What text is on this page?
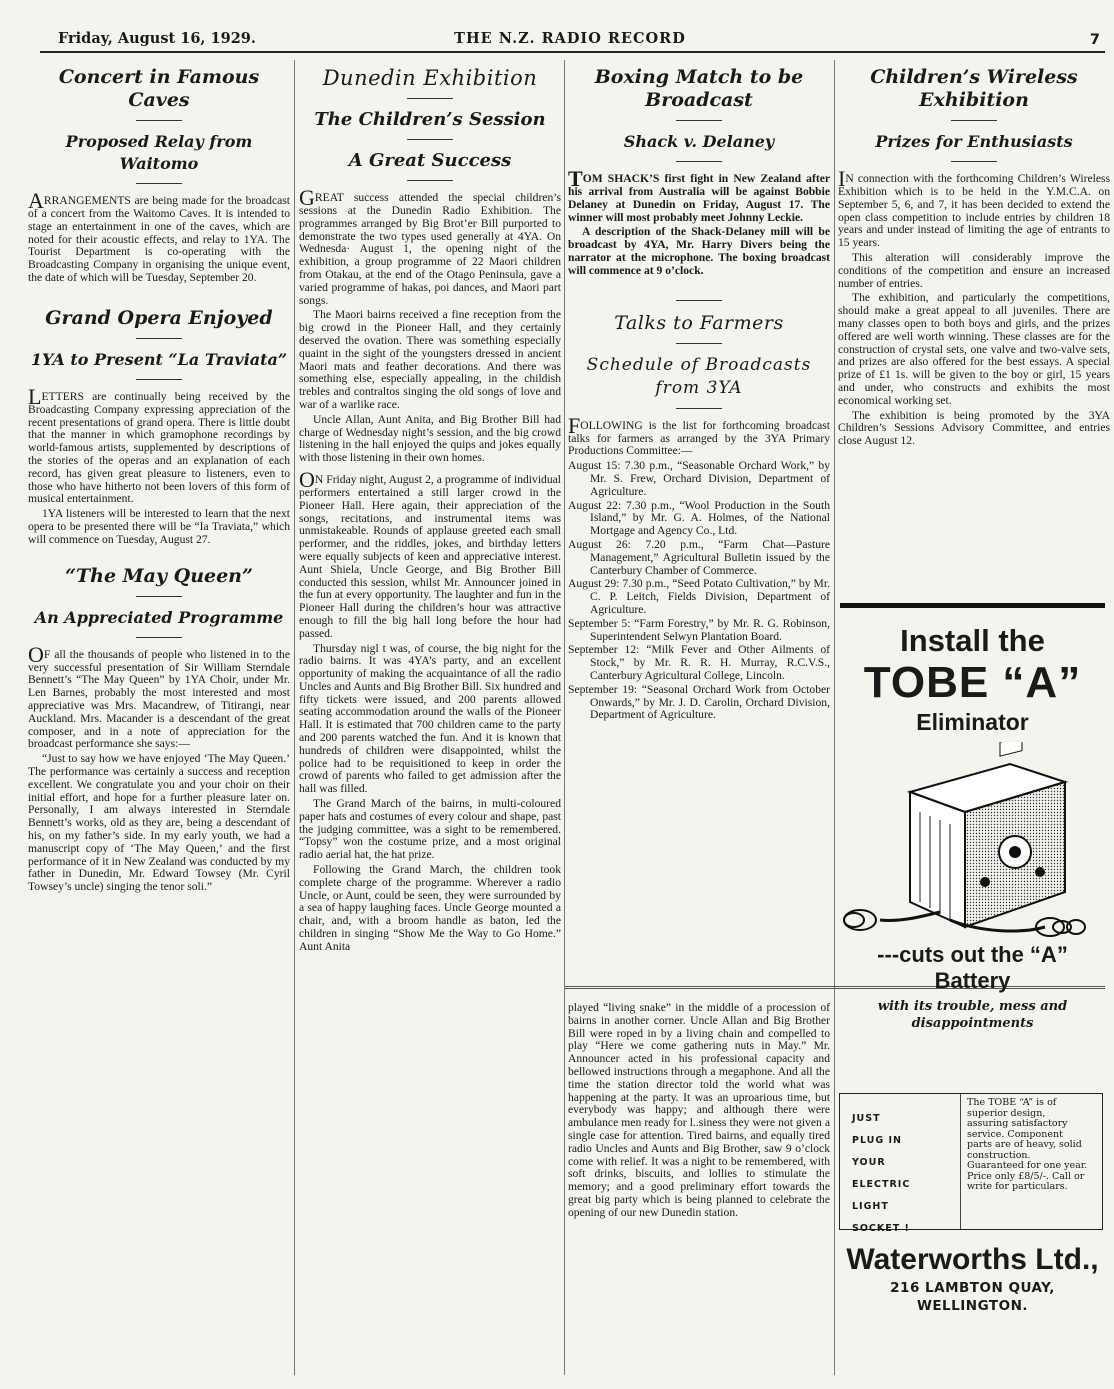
Friday, August 16, 1929.	THE N.Z. RADIO RECORD	7
Concert in Famous Caves
Proposed Relay from Waitomo

ARRANGEMENTS are being made for the broadcast of a concert from the Waitomo Caves. It is intended to stage an entertainment in one of the caves, which are noted for their acoustic effects, and relay to 1YA. The Tourist Department is co-operating with the Broadcasting Company in organising the unique event, the date of which will be Tuesday, September 20.

Grand Opera Enjoyed
1YA to Present “La Traviata”

LETTERS are continually being received by the Broadcasting Company expressing appreciation of the recent presentations of grand opera. There is little doubt that the manner in which gramophone recordings by world-famous artists, supplemented by descriptions of the stories of the operas and an explanation of each record, has given great pleasure to listeners, even to those who have hitherto not been lovers of this form of musical entertainment.

1YA listeners will be interested to learn that the next opera to be presented there will be “Ia Traviata,” which will commence on Tuesday, August 27.

“The May Queen”
An Appreciated Programme

OF all the thousands of people who listened in to the very successful presentation of Sir William Sterndale Bennett’s “The May Queen” by 1YA Choir, under Mr. Len Barnes, probably the most interested and most appreciative was Mrs. Macandrew, of Titirangi, near Auckland. Mrs. Macander is a descendant of the great composer, and in a note of appreciation for the broadcast performance she says:—

“Just to say how we have enjoyed ‘The May Queen.’ The performance was certainly a success and reception excellent. We congratulate you and your choir on their initial effort, and hope for a further pleasure later on. Personally, I am always interested in Sterndale Bennett’s works, old as they are, being a descendant of his, on my father’s side. In my early youth, we had a manuscript copy of ‘The May Queen,’ and the first performance of it in New Zealand was conducted by my father in Dunedin, Mr. Edward Towsey (Mr. Cyril Towsey’s uncle) singing the tenor soli.”

Dunedin Exhibition
The Children’s Session
A Great Success

GREAT success attended the special children’s sessions at the Dunedin Radio Exhibition. The programmes arranged by Big Brot’er Bill purported to demonstrate the two types used generally at 4YA. On Wednesda· August 1, the opening night of the exhibition, a group programme of 22 Maori children from Otakau, at the end of the Otago Peninsula, gave a varied programme of hakas, poi dances, and Maori part songs.

The Maori bairns received a fine reception from the big crowd in the Pioneer Hall, and they certainly deserved the ovation. There was something especially quaint in the sight of the youngsters dressed in ancient Maori mats and feather decorations. And there was something else, especially appealing, in the childish trebles and contraltos singing the old songs of love and war of a warlike race.

Uncle Allan, Aunt Anita, and Big Brother Bill had charge of Wednesday night’s session, and the big crowd listening in the hall enjoyed the quips and jokes equally with those listening in their own homes.

ON Friday night, August 2, a programme of individual performers entertained a still larger crowd in the Pioneer Hall. Here again, their appreciation of the songs, recitations, and instrumental items was unmistakeable. Rounds of applause greeted each small performer, and the riddles, jokes, and birthday letters were equally subjects of keen and appreciative interest. Aunt Shiela, Uncle George, and Big Brother Bill conducted this session, whilst Mr. Announcer joined in the fun at every opportunity. The laughter and fun in the Pioneer Hall during the children’s hour was attractive enough to fill the big hall long before the hour had passed.

Thursday nigl t was, of course, the big night for the radio bairns. It was 4YA’s party, and an excellent opportunity of making the acquaintance of all the radio Uncles and Aunts and Big Brother Bill. Six hundred and fifty tickets were issued, and 200 parents allowed seating accommodation around the walls of the Pioneer Hall. It is estimated that 700 children came to the party and 200 parents watched the fun. And it is known that hundreds of children were disappointed, whilst the police had to be requisitioned to keep in order the crowd of parents who failed to get admission after the hall was filled.

The Grand March of the bairns, in multi-coloured paper hats and costumes of every colour and shape, past the judging committee, was a sight to be remembered. “Topsy” won the costume prize, and a most original radio aerial hat, the hat prize.

Following the Grand March, the children took complete charge of the programme. Wherever a radio Uncle, or Aunt, could be seen, they were surrounded by a sea of happy laughing faces. Uncle George mounted a chair, and, with a broom handle as baton, led the children in singing “Show Me the Way to Go Home.” Aunt Anita

Boxing Match to be Broadcast
Shack v. Delaney

TOM SHACK’S first fight in New Zealand after his arrival from Australia will be against Bobbie Delaney at Dunedin on Friday, August 17. The winner will most probably meet Johnny Leckie.

A description of the Shack-Delaney mill will be broadcast by 4YA, Mr. Harry Divers being the narrator at the microphone. The boxing broadcast will commence at 9 o’clock.

Talks to Farmers
Schedule of Broadcasts from 3YA

FOLLOWING is the list for forthcoming broadcast talks for farmers as arranged by the 3YA Primary Productions Committee:—

August 15: 7.30 p.m., “Seasonable Orchard Work,” by Mr. S. Frew, Orchard Division, Department of Agriculture.
August 22: 7.30 p.m., “Wool Production in the South Island,” by Mr. G. A. Holmes, of the National Mortgage and Agency Co., Ltd.
August 26: 7.20 p.m., “Farm Chat—Pasture Management,” Agricultural Bulletin issued by the Canterbury Chamber of Commerce.
August 29: 7.30 p.m., “Seed Potato Cultivation,” by Mr. C. P. Leitch, Fields Division, Department of Agriculture.
September 5: “Farm Forestry,” by Mr. R. G. Robinson, Superintendent Selwyn Plantation Board.
September 12: “Milk Fever and Other Ailments of Stock,” by Mr. R. R. H. Murray, R.C.V.S., Canterbury Agricultural College, Lincoln.
September 19: “Seasonal Orchard Work from October Onwards,” by Mr. J. D. Carolin, Orchard Division, Department of Agriculture.

played “living snake” in the middle of a procession of bairns in another corner. Uncle Allan and Big Brother Bill were roped in by a living chain and compelled to play “Here we come gathering nuts in May.” Mr. Announcer acted in his professional capacity and bellowed instructions through a megaphone. And all the time the station director told the world what was happening at the party. It was an uproarious time, but everybody was happy; and although there were ambulance men ready for l..siness they were not given a single case for attention. Tired bairns, and equally tired radio Uncles and Aunts and Big Brother, saw 9 o’clock come with relief. It was a night to be remembered, with soft drinks, biscuits, and lollies to stimulate the memory; and a good preliminary effort towards the great big party which is being planned to celebrate the opening of our new Dunedin station.

Children’s Wireless Exhibition
Prizes for Enthusiasts

IN connection with the forthcoming Children’s Wireless Exhibition which is to be held in the Y.M.C.A. on September 5, 6, and 7, it has been decided to extend the open class competition to include entries by children 18 years and under instead of limiting the age of entrants to 15 years.

This alteration will considerably improve the conditions of the competition and ensure an increased number of entries.

The exhibition, and particularly the competitions, should make a great appeal to all juveniles. There are many classes open to both boys and girls, and the prizes offered are well worth winning. These classes are for the construction of crystal sets, one valve and two-valve sets, and prizes are also offered for the best essays. A special prize of £1 1s. will be given to the boy or girl, 15 years and under, who constructs and exhibits the most economical working set.

The exhibition is being promoted by the 3YA Children’s Sessions Advisory Committee, and entries close August 12.

Install the
TOBE “A”
Eliminator
---cuts out the “A” Battery
with its trouble, mess and disappointments
JUST
PLUG IN
YOUR
ELECTRIC
LIGHT
SOCKET !
The TOBE “A” is of superior design, assuring satisfactory service. Component parts are of heavy, solid construction. Guaranteed for one year. Price only £8/5/-. Call or write for particulars.
Waterworths Ltd.,
216 LAMBTON QUAY,
WELLINGTON.
